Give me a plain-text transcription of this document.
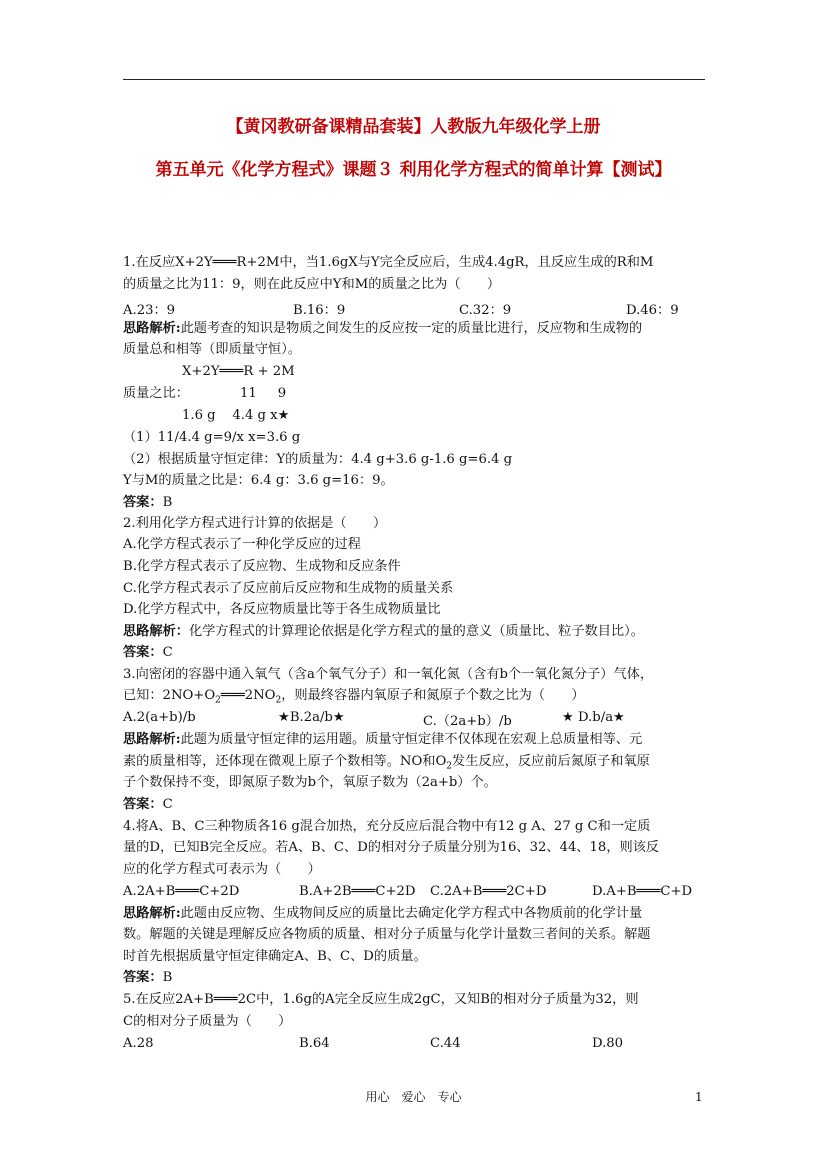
【黄冈教研备课精品套装】人教版九年级化学上册
第五单元《化学方程式》课题３ 利用化学方程式的简单计算【测试】
1.在反应X+2Y═══R+2M中，当1.6gX与Y完全反应后，生成4.4gR，且反应生成的R和M
的质量之比为11：9，则在此反应中Y和M的质量之比为（　　）
A.23：9	B.16：9	C.32：9	D.46：9
思路解析:此题考查的知识是物质之间发生的反应按一定的质量比进行，反应物和生成物的
质量总和相等（即质量守恒）。
X+2Y═══R + 2M
质量之比：	11     9
1.6 g    4.4 g x★
（1）11/4.4 g=9/x x=3.6 g
（2）根据质量守恒定律：Y的质量为：4.4 g+3.6 g-1.6 g=6.4 g
Y与M的质量之比是：6.4 g：3.6 g=16：9。
答案：B
2.利用化学方程式进行计算的依据是（　　）
A.化学方程式表示了一种化学反应的过程
B.化学方程式表示了反应物、生成物和反应条件
C.化学方程式表示了反应前后反应物和生成物的质量关系
D.化学方程式中，各反应物质量比等于各生成物质量比
思路解析：化学方程式的计算理论依据是化学方程式的量的意义（质量比、粒子数目比）。
答案：C
3.向密闭的容器中通入氧气（含a个氧气分子）和一氧化氮（含有b个一氧化氮分子）气体，
已知：$2NO+O_2═══2NO_2$，则最终容器内氧原子和氮原子个数之比为（　　）
A.2(a+b)/b	★B.2a/b★	C.（2a+b）/b	★ D.b/a★
思路解析:此题为质量守恒定律的运用题。质量守恒定律不仅体现在宏观上总质量相等、元
素的质量相等，还体现在微观上原子个数相等。NO和$O_2$发生反应，反应前后氮原子和氧原
子个数保持不变，即氮原子数为b个，氧原子数为（2a+b）个。
答案：C
4.将A、B、C三种物质各16 g混合加热，充分反应后混合物中有12 g A、27 g C和一定质
量的D，已知B完全反应。若A、B、C、D的相对分子质量分别为16、32、44、18，则该反
应的化学方程式可表示为（　　）
A.2A+B═══C+2D	B.A+2B═══C+2D C.2A+B═══2C+D	D.A+B═══C+D
思路解析:此题由反应物、生成物间反应的质量比去确定化学方程式中各物质前的化学计量
数。解题的关键是理解反应各物质的质量、相对分子质量与化学计量数三者间的关系。解题
时首先根据质量守恒定律确定A、B、C、D的质量。
答案：B
5.在反应2A+B═══2C中，1.6g的A完全反应生成2gC，又知B的相对分子质量为32，则
C的相对分子质量为（　　）
A.28	B.64	C.44	D.80
用心　爱心　专心	1
